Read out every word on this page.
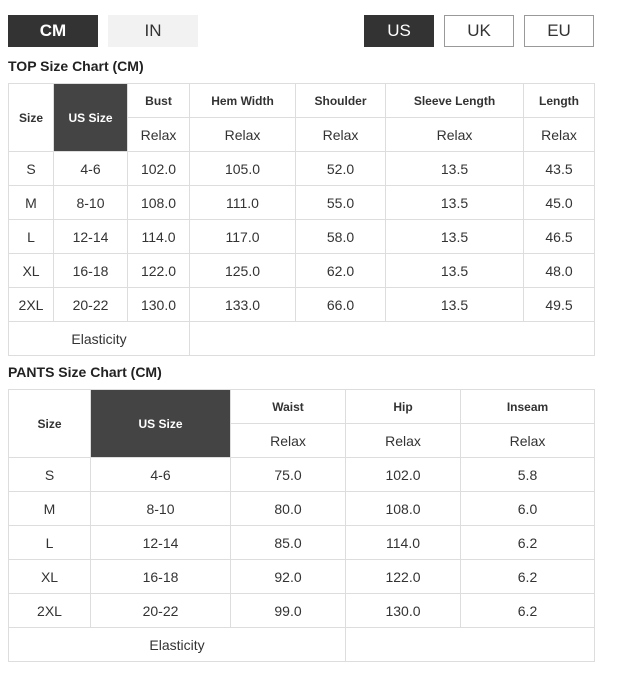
CM	IN	US	UK	EU
TOP Size Chart (CM)
Size	US Size	Bust	Hem Width	Shoulder	Sleeve Length	Length
		Relax	Relax	Relax	Relax	Relax
S	4-6	102.0	105.0	52.0	13.5	43.5
M	8-10	108.0	111.0	55.0	13.5	45.0
L	12-14	114.0	117.0	58.0	13.5	46.5
XL	16-18	122.0	125.0	62.0	13.5	48.0
2XL	20-22	130.0	133.0	66.0	13.5	49.5
Elasticity						
PANTS Size Chart (CM)
Size	US Size	Waist	Hip	Inseam
		Relax	Relax	Relax
S	4-6	75.0	102.0	5.8
M	8-10	80.0	108.0	6.0
L	12-14	85.0	114.0	6.2
XL	16-18	92.0	122.0	6.2
2XL	20-22	99.0	130.0	6.2
Elasticity				
